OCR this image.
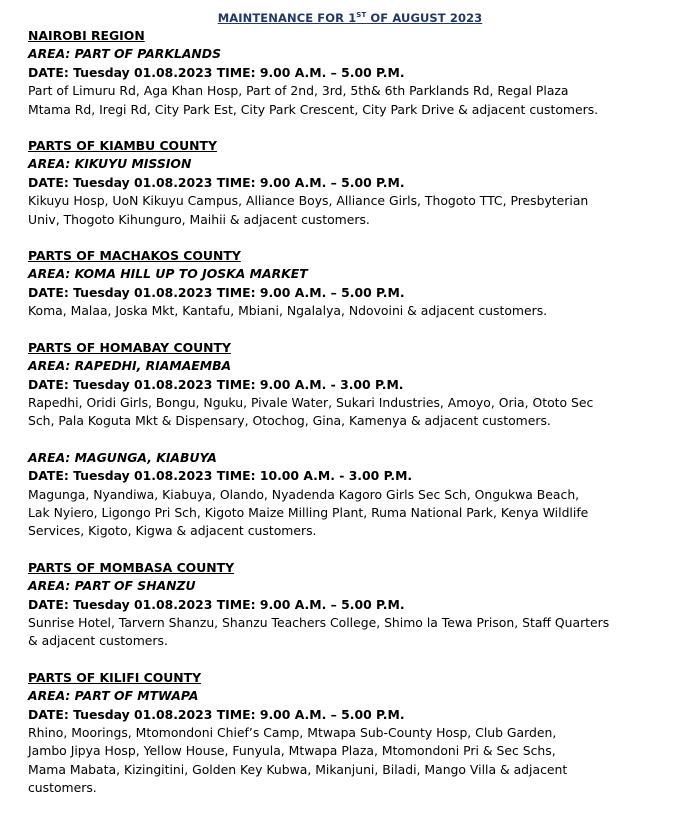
MAINTENANCE FOR 1ST OF AUGUST 2023
NAIROBI REGION
AREA: PART OF PARKLANDS
DATE: Tuesday 01.08.2023 TIME: 9.00 A.M. – 5.00 P.M.
Part of Limuru Rd, Aga Khan Hosp, Part of 2nd, 3rd, 5th& 6th Parklands Rd, Regal Plaza
Mtama Rd, Iregi Rd, City Park Est, City Park Crescent, City Park Drive & adjacent customers.
PARTS OF KIAMBU COUNTY
AREA: KIKUYU MISSION
DATE: Tuesday 01.08.2023 TIME: 9.00 A.M. – 5.00 P.M.
Kikuyu Hosp, UoN Kikuyu Campus, Alliance Boys, Alliance Girls, Thogoto TTC, Presbyterian
Univ, Thogoto Kihunguro, Maihii & adjacent customers.
PARTS OF MACHAKOS COUNTY
AREA: KOMA HILL UP TO JOSKA MARKET
DATE: Tuesday 01.08.2023 TIME: 9.00 A.M. – 5.00 P.M.
Koma, Malaa, Joska Mkt, Kantafu, Mbiani, Ngalalya, Ndovoini & adjacent customers.
PARTS OF HOMABAY COUNTY
AREA: RAPEDHI, RIAMAEMBA
DATE: Tuesday 01.08.2023 TIME: 9.00 A.M. - 3.00 P.M.
Rapedhi, Oridi Girls, Bongu, Nguku, Pivale Water, Sukari Industries, Amoyo, Oria, Ototo Sec
Sch, Pala Koguta Mkt & Dispensary, Otochog, Gina, Kamenya & adjacent customers.
AREA: MAGUNGA, KIABUYA
DATE: Tuesday 01.08.2023 TIME: 10.00 A.M. - 3.00 P.M.
Magunga, Nyandiwa, Kiabuya, Olando, Nyadenda Kagoro Girls Sec Sch, Ongukwa Beach,
Lak Nyiero, Ligongo Pri Sch, Kigoto Maize Milling Plant, Ruma National Park, Kenya Wildlife
Services, Kigoto, Kigwa & adjacent customers.
PARTS OF MOMBASA COUNTY
AREA: PART OF SHANZU
DATE: Tuesday 01.08.2023 TIME: 9.00 A.M. – 5.00 P.M.
Sunrise Hotel, Tarvern Shanzu, Shanzu Teachers College, Shimo la Tewa Prison, Staff Quarters
& adjacent customers.
PARTS OF KILIFI COUNTY
AREA: PART OF MTWAPA
DATE: Tuesday 01.08.2023 TIME: 9.00 A.M. – 5.00 P.M.
Rhino, Moorings, Mtomondoni Chief’s Camp, Mtwapa Sub-County Hosp, Club Garden,
Jambo Jipya Hosp, Yellow House, Funyula, Mtwapa Plaza, Mtomondoni Pri & Sec Schs,
Mama Mabata, Kizingitini, Golden Key Kubwa, Mikanjuni, Biladi, Mango Villa & adjacent
customers.
